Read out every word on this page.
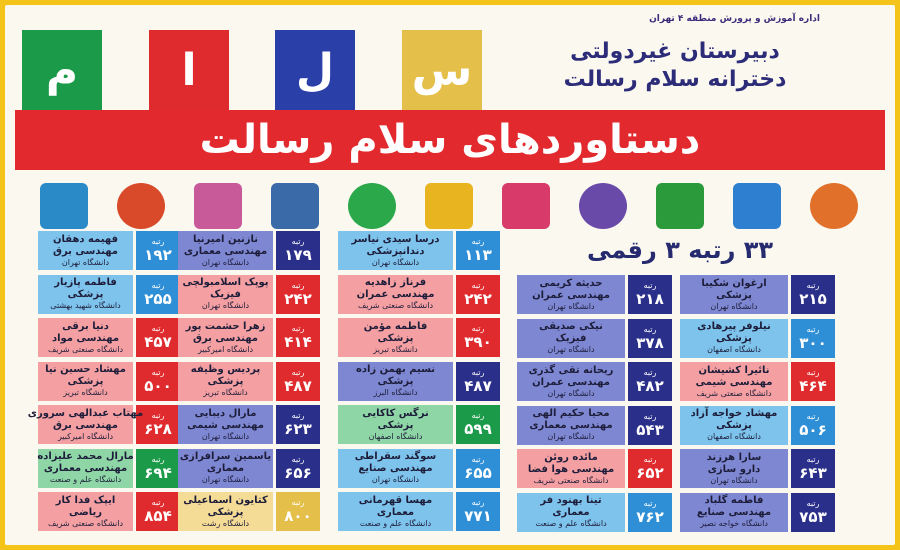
س
ل
ا
م
اداره آموزش و پرورش منطقه ۴ تهران
دبیرستان غیردولتی
دخترانه سلام رسالت
دستاوردهای سلام رسالت
۳۳ رتبه ۳ رقمی
رتبه
۱۹۲
فهیمه دهقان
مهندسی برق
دانشگاه تهران
رتبه
۱۷۹
نازنین امیرنیا
مهندسی معماری
دانشگاه تهران
رتبه
۱۱۳
درسا سیدی نیاسر
دندانپزشکی
دانشگاه تهران
رتبه
۲۵۵
فاطمه پازیار
پزشکی
دانشگاه شهید بهشتی
رتبه
۲۴۲
پوپک اسلامبولچی
فیزیک
دانشگاه تهران
رتبه
۲۴۲
فرناز زاهدیه
مهندسی عمران
دانشگاه صنعتی شریف
رتبه
۴۵۷
دنیا برقی
مهندسی مواد
دانشگاه صنعتی شریف
رتبه
۴۱۴
زهرا حشمت پور
مهندسی برق
دانشگاه امیرکبیر
رتبه
۳۹۰
فاطمه مؤمن
پزشکی
دانشگاه تبریز
رتبه
۵۰۰
مهشاد حسین نیا
پزشکی
دانشگاه تبریز
رتبه
۴۸۷
پردیس وظیفه
پزشکی
دانشگاه تبریز
رتبه
۴۸۷
نسیم بهمن زاده
پزشکی
دانشگاه البرز
رتبه
۶۲۸
مهتاب عبدالهی سروری
مهندسی برق
دانشگاه امیرکبیر
رتبه
۶۲۳
مارال دیبایی
مهندسی شیمی
دانشگاه تهران
رتبه
۵۹۹
نرگس کاکایی
پزشکی
دانشگاه اصفهان
رتبه
۶۹۴
مارال محمد علیزاده
مهندسی معماری
دانشگاه علم و صنعت
رتبه
۶۵۶
یاسمین سرافرازی
معماری
دانشگاه تهران
رتبه
۶۵۵
سوگند سقراطی
مهندسی صنایع
دانشگاه تهران
رتبه
۸۵۴
ایپک فدا کار
ریاضی
دانشگاه صنعتی شریف
رتبه
۸۰۰
کتایون اسماعیلی
پزشکی
دانشگاه رشت
رتبه
۷۷۱
مهسا قهرمانی
معماری
دانشگاه علم و صنعت
رتبه
۲۱۸
حدیثه کریمی
مهندسی عمران
دانشگاه تهران
رتبه
۲۱۵
ارغوان شکیبا
پزشکی
دانشگاه تهران
رتبه
۳۷۸
نیکی صدیقی
فیزیک
دانشگاه تهران
رتبه
۳۰۰
نیلوفر پیرهادی
پزشکی
دانشگاه اصفهان
رتبه
۴۸۲
ریحانه تقی گذری
مهندسی عمران
دانشگاه تهران
رتبه
۴۶۴
نائیرا کشیشان
مهندسی شیمی
دانشگاه صنعتی شریف
رتبه
۵۴۳
محیا حکیم الهی
مهندسی معماری
دانشگاه تهران
رتبه
۵۰۶
مهشاد خواجه آزاد
پزشکی
دانشگاه اصفهان
رتبه
۶۵۲
مائده روئن
مهندسی هوا فضا
دانشگاه صنعتی شریف
رتبه
۶۴۳
سارا هرزند
دارو سازی
دانشگاه تهران
رتبه
۷۶۲
تینا بهنود فر
معماری
دانشگاه علم و صنعت
رتبه
۷۵۳
فاطمه گلباد
مهندسی صنایع
دانشگاه خواجه نصیر
